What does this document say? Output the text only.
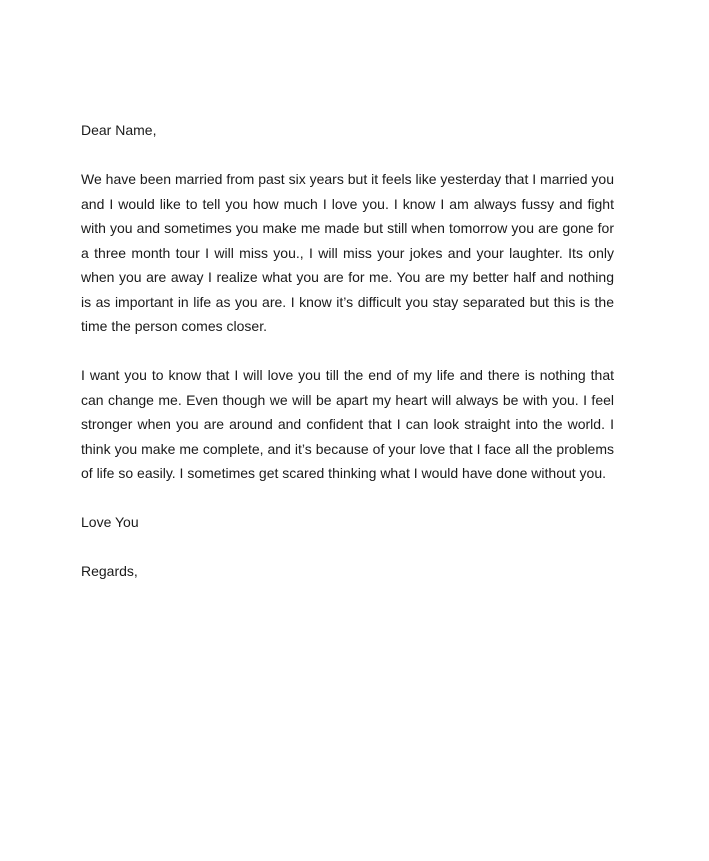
Dear Name,

We have been married from past six years but it feels like yesterday that I married you and I would like to tell you how much I love you. I know I am always fussy and fight with you and sometimes you make me made but still when tomorrow you are gone for a three month tour I will miss you., I will miss your jokes and your laughter. Its only when you are away I realize what you are for me. You are my better half and nothing is as important in life as you are. I know it’s difficult you stay separated but this is the time the person comes closer.

I want you to know that I will love you till the end of my life and there is nothing that can change me. Even though we will be apart my heart will always be with you. I feel stronger when you are around and confident that I can look straight into the world. I think you make me complete, and it’s because of your love that I face all the problems of life so easily. I sometimes get scared thinking what I would have done without you.

Love You

Regards,
